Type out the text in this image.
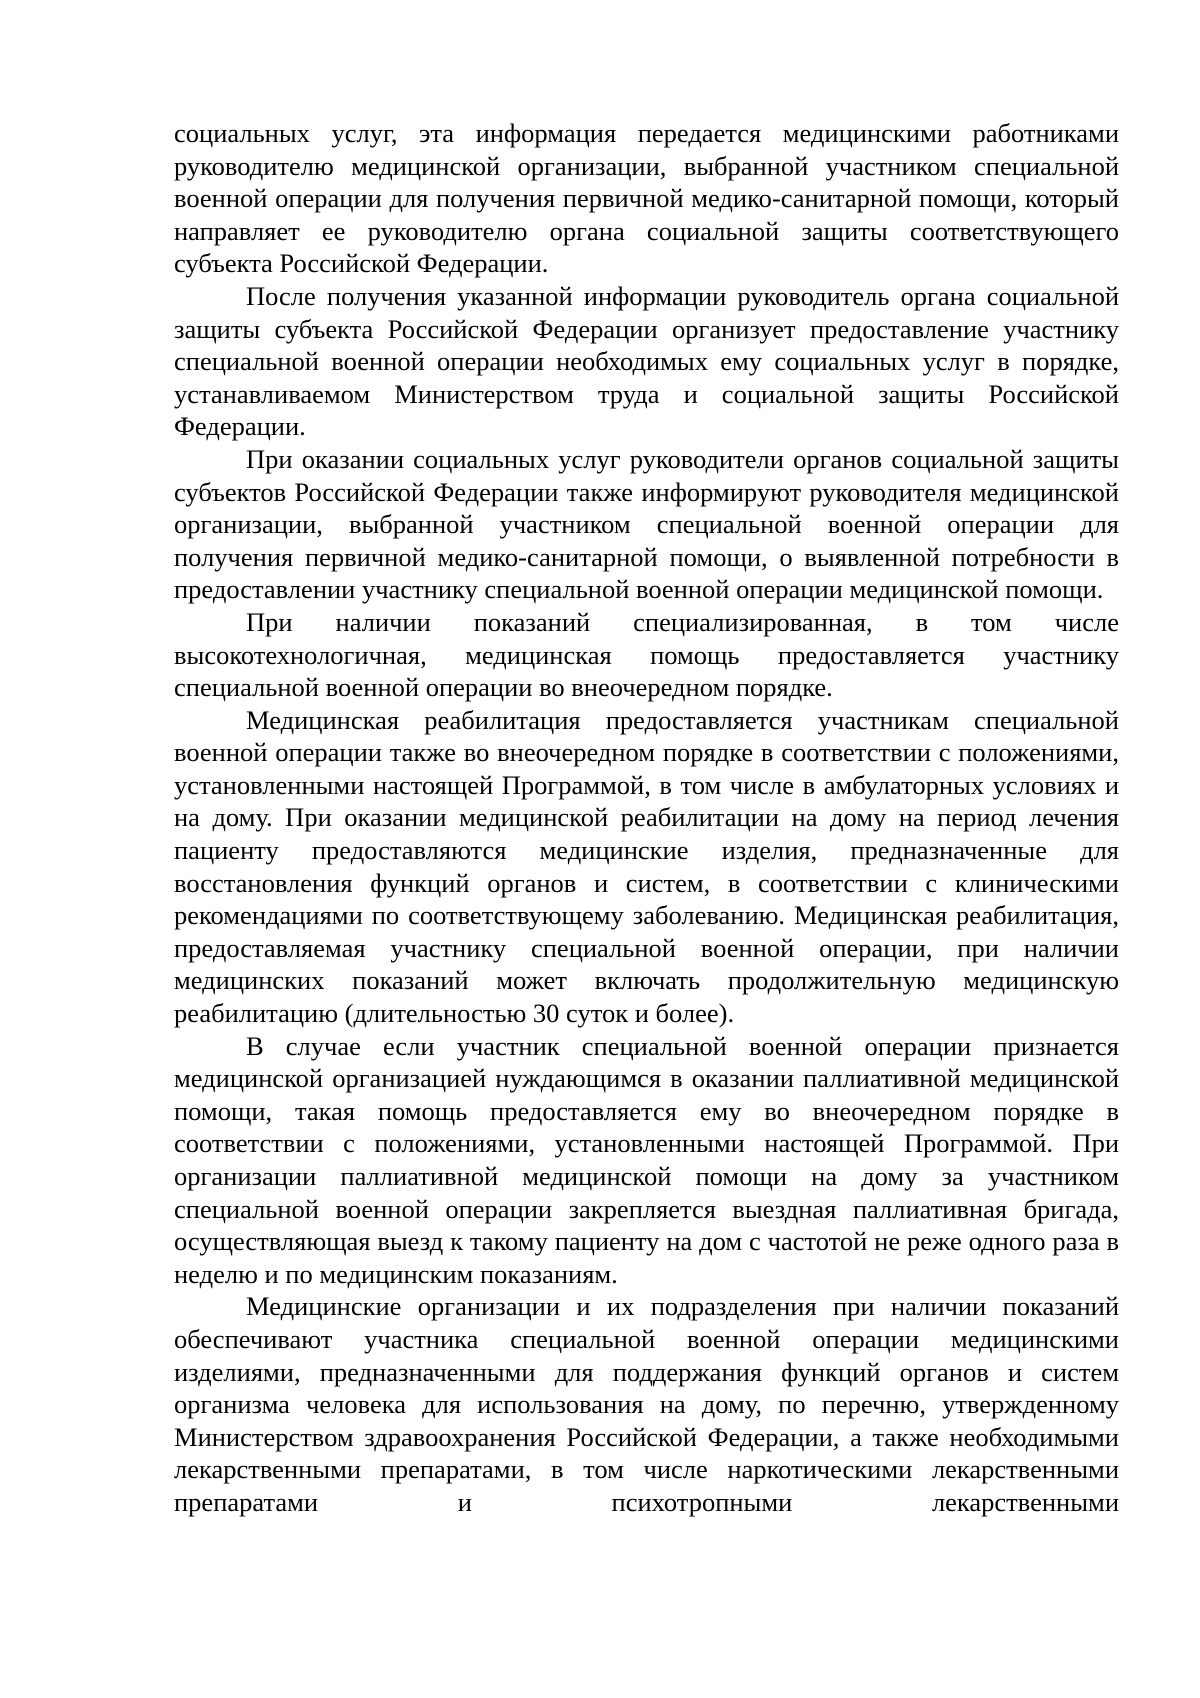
социальных услуг, эта информация передается медицинскими работниками руководителю медицинской организации, выбранной участником специальной военной операции для получения первичной медико-санитарной помощи, который направляет ее руководителю органа социальной защиты соответствующего субъекта Российской Федерации.

После получения указанной информации руководитель органа социальной защиты субъекта Российской Федерации организует предоставление участнику специальной военной операции необходимых ему социальных услуг в порядке, устанавливаемом Министерством труда и социальной защиты Российской Федерации.

При оказании социальных услуг руководители органов социальной защиты субъектов Российской Федерации также информируют руководителя медицинской организации, выбранной участником специальной военной операции для получения первичной медико-санитарной помощи, о выявленной потребности в предоставлении участнику специальной военной операции медицинской помощи.

При наличии показаний специализированная, в том числе высокотехнологичная, медицинская помощь предоставляется участнику специальной военной операции во внеочередном порядке.

Медицинская реабилитация предоставляется участникам специальной военной операции также во внеочередном порядке в соответствии с положениями, установленными настоящей Программой, в том числе в амбулаторных условиях и на дому. При оказании медицинской реабилитации на дому на период лечения пациенту предоставляются медицинские изделия, предназначенные для восстановления функций органов и систем, в соответствии с клиническими рекомендациями по соответствующему заболеванию. Медицинская реабилитация, предоставляемая участнику специальной военной операции, при наличии медицинских показаний может включать продолжительную медицинскую реабилитацию (длительностью 30 суток и более).

В случае если участник специальной военной операции признается медицинской организацией нуждающимся в оказании паллиативной медицинской помощи, такая помощь предоставляется ему во внеочередном порядке в соответствии с положениями, установленными настоящей Программой. При организации паллиативной медицинской помощи на дому за участником специальной военной операции закрепляется выездная паллиативная бригада, осуществляющая выезд к такому пациенту на дом с частотой не реже одного раза в неделю и по медицинским показаниям.

Медицинские организации и их подразделения при наличии показаний обеспечивают участника специальной военной операции медицинскими изделиями, предназначенными для поддержания функций органов и систем организма человека для использования на дому, по перечню, утвержденному Министерством здравоохранения Российской Федерации, а также необходимыми лекарственными препаратами, в том числе наркотическими лекарственными препаратами и психотропными лекарственными
